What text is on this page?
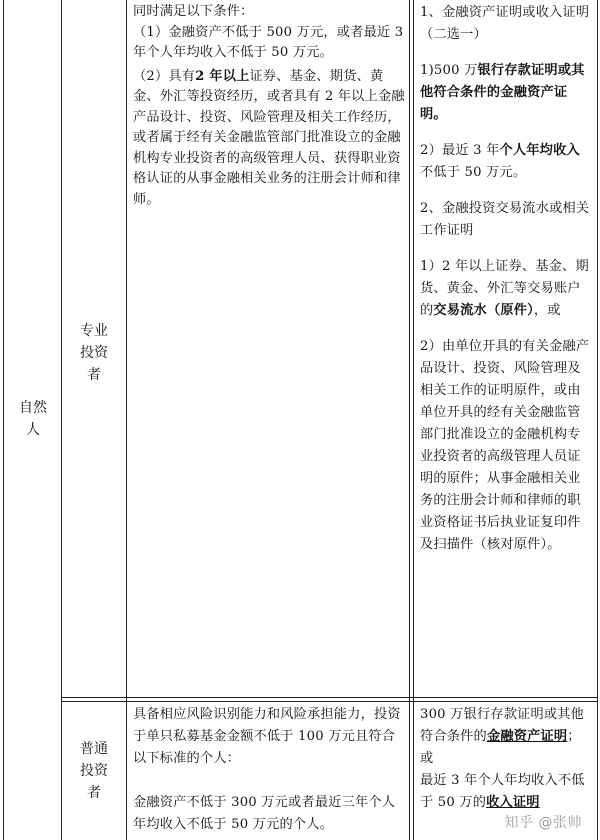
自然人
专业
投资
者

同时满足以下条件：

（1）金融资产不低于 500 万元，或者最近 3 年个人年均收入不低于 50 万元。

（2）具有2 年以上证券、基金、期货、黄金、外汇等投资经历，或者具有 2 年以上金融产品设计、投资、风险管理及相关工作经历，或者属于经有关金融监管部门批准设立的金融机构专业投资者的高级管理人员、获得职业资格认证的从事金融相关业务的注册会计师和律师。

1、金融资产证明或收入证明（二选一）

1)500 万银行存款证明或其他符合条件的金融资产证明。

2）最近 3 年个人年均收入不低于 50 万元。

2、金融投资交易流水或相关工作证明

1）2 年以上证券、基金、期货、黄金、外汇等交易账户的交易流水（原件），或

2）由单位开具的有关金融产品设计、投资、风险管理及相关工作的证明原件，或由单位开具的经有关金融监管部门批准设立的金融机构专业投资者的高级管理人员证明的原件；从事金融相关业务的注册会计师和律师的职业资格证书后执业证复印件及扫描件（核对原件）。

普通
投资
者

具备相应风险识别能力和风险承担能力，投资于单只私募基金金额不低于 100 万元且符合以下标准的个人：

金融资产不低于 300 万元或者最近三年个人年均收入不低于 50 万元的个人。

300 万银行存款证明或其他符合条件的金融资产证明；或
最近 3 年个人年均收入不低于 50 万的收入证明

知乎 @张帅
